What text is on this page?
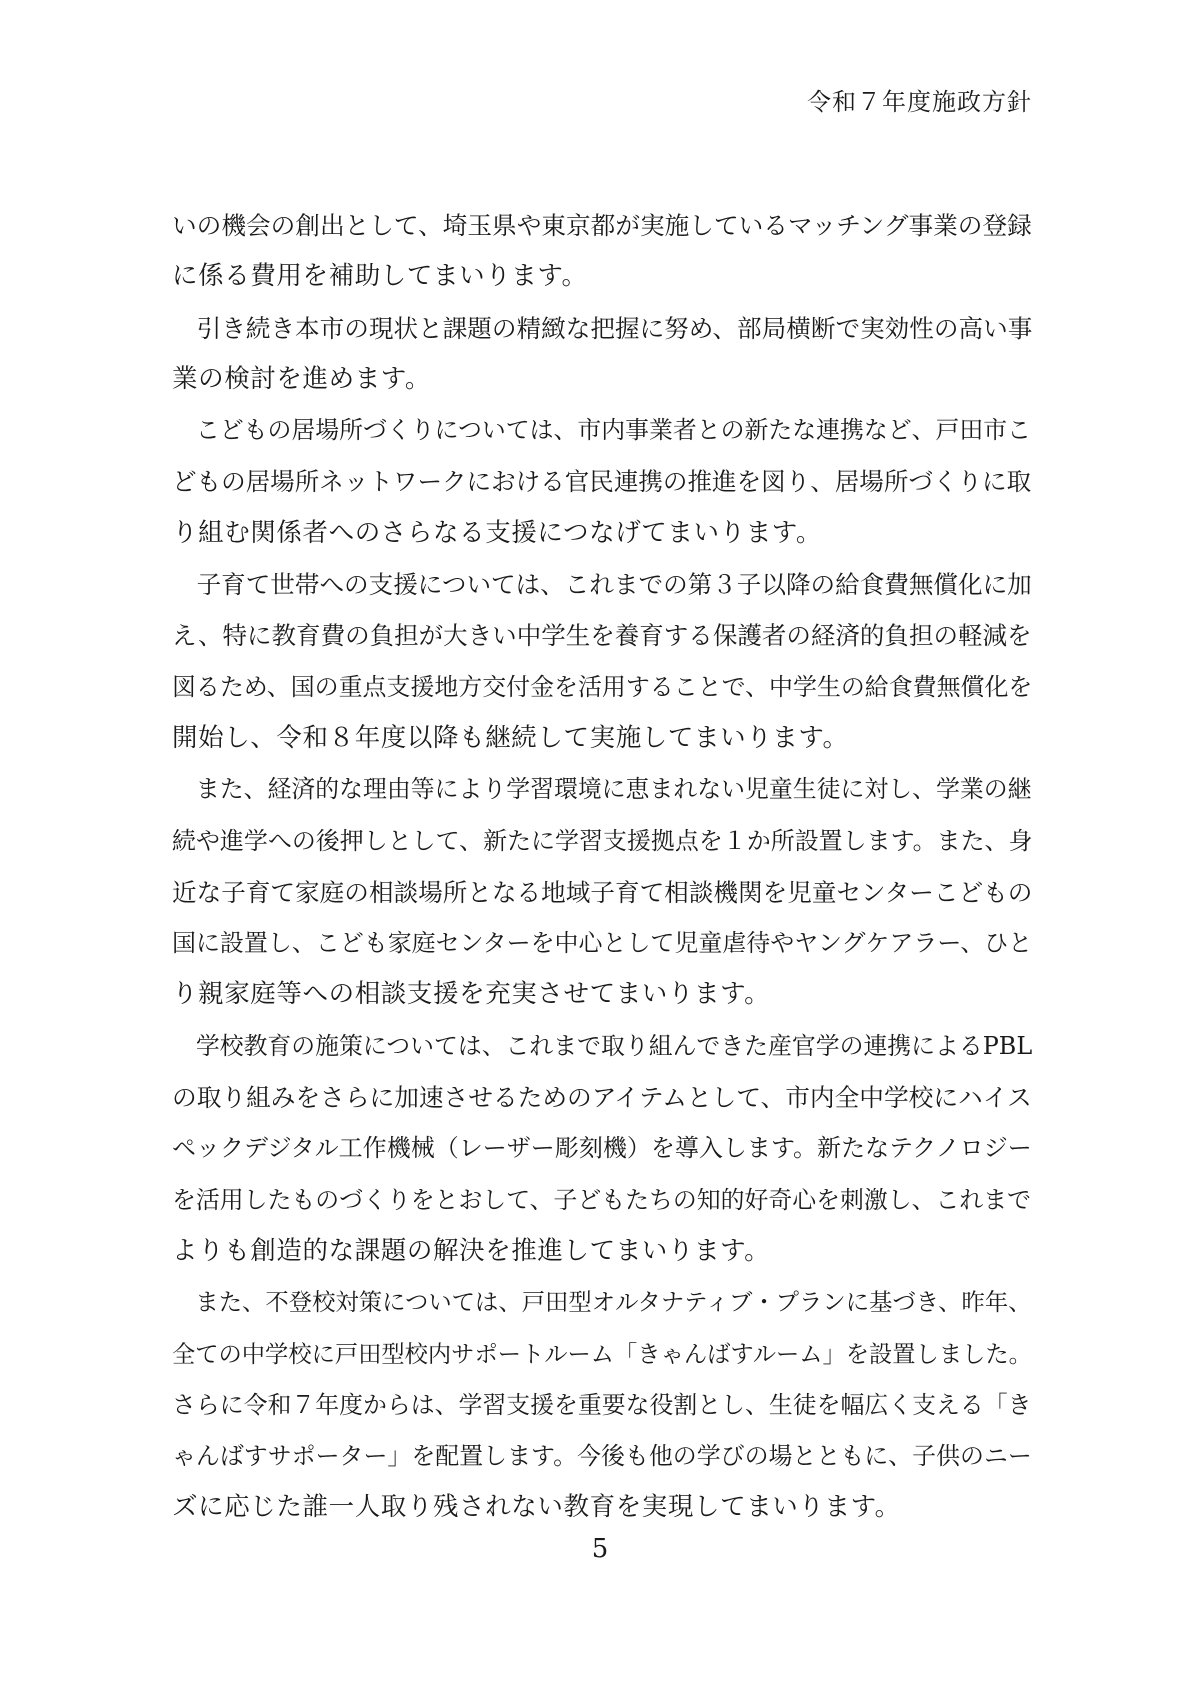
令和７年度施政方針
いの機会の創出として、埼玉県や東京都が実施しているマッチング事業の登録
に係る費用を補助してまいります。
　引き続き本市の現状と課題の精緻な把握に努め、部局横断で実効性の高い事
業の検討を進めます。
　こどもの居場所づくりについては、市内事業者との新たな連携など、戸田市こ
どもの居場所ネットワークにおける官民連携の推進を図り、居場所づくりに取
り組む関係者へのさらなる支援につなげてまいります。
　子育て世帯への支援については、これまでの第３子以降の給食費無償化に加
え、特に教育費の負担が大きい中学生を養育する保護者の経済的負担の軽減を
図るため、国の重点支援地方交付金を活用することで、中学生の給食費無償化を
開始し、令和８年度以降も継続して実施してまいります。
　また、経済的な理由等により学習環境に恵まれない児童生徒に対し、学業の継
続や進学への後押しとして、新たに学習支援拠点を１か所設置します。また、身
近な子育て家庭の相談場所となる地域子育て相談機関を児童センターこどもの
国に設置し、こども家庭センターを中心として児童虐待やヤングケアラー、ひと
り親家庭等への相談支援を充実させてまいります。
　学校教育の施策については、これまで取り組んできた産官学の連携によるPBL
の取り組みをさらに加速させるためのアイテムとして、市内全中学校にハイス
ペックデジタル工作機械（レーザー彫刻機）を導入します。新たなテクノロジー
を活用したものづくりをとおして、子どもたちの知的好奇心を刺激し、これまで
よりも創造的な課題の解決を推進してまいります。
　また、不登校対策については、戸田型オルタナティブ・プランに基づき、昨年、
全ての中学校に戸田型校内サポートルーム「きゃんばすルーム」を設置しました。
さらに令和７年度からは、学習支援を重要な役割とし、生徒を幅広く支える「き
ゃんばすサポーター」を配置します。今後も他の学びの場とともに、子供のニー
ズに応じた誰一人取り残されない教育を実現してまいります。
5
